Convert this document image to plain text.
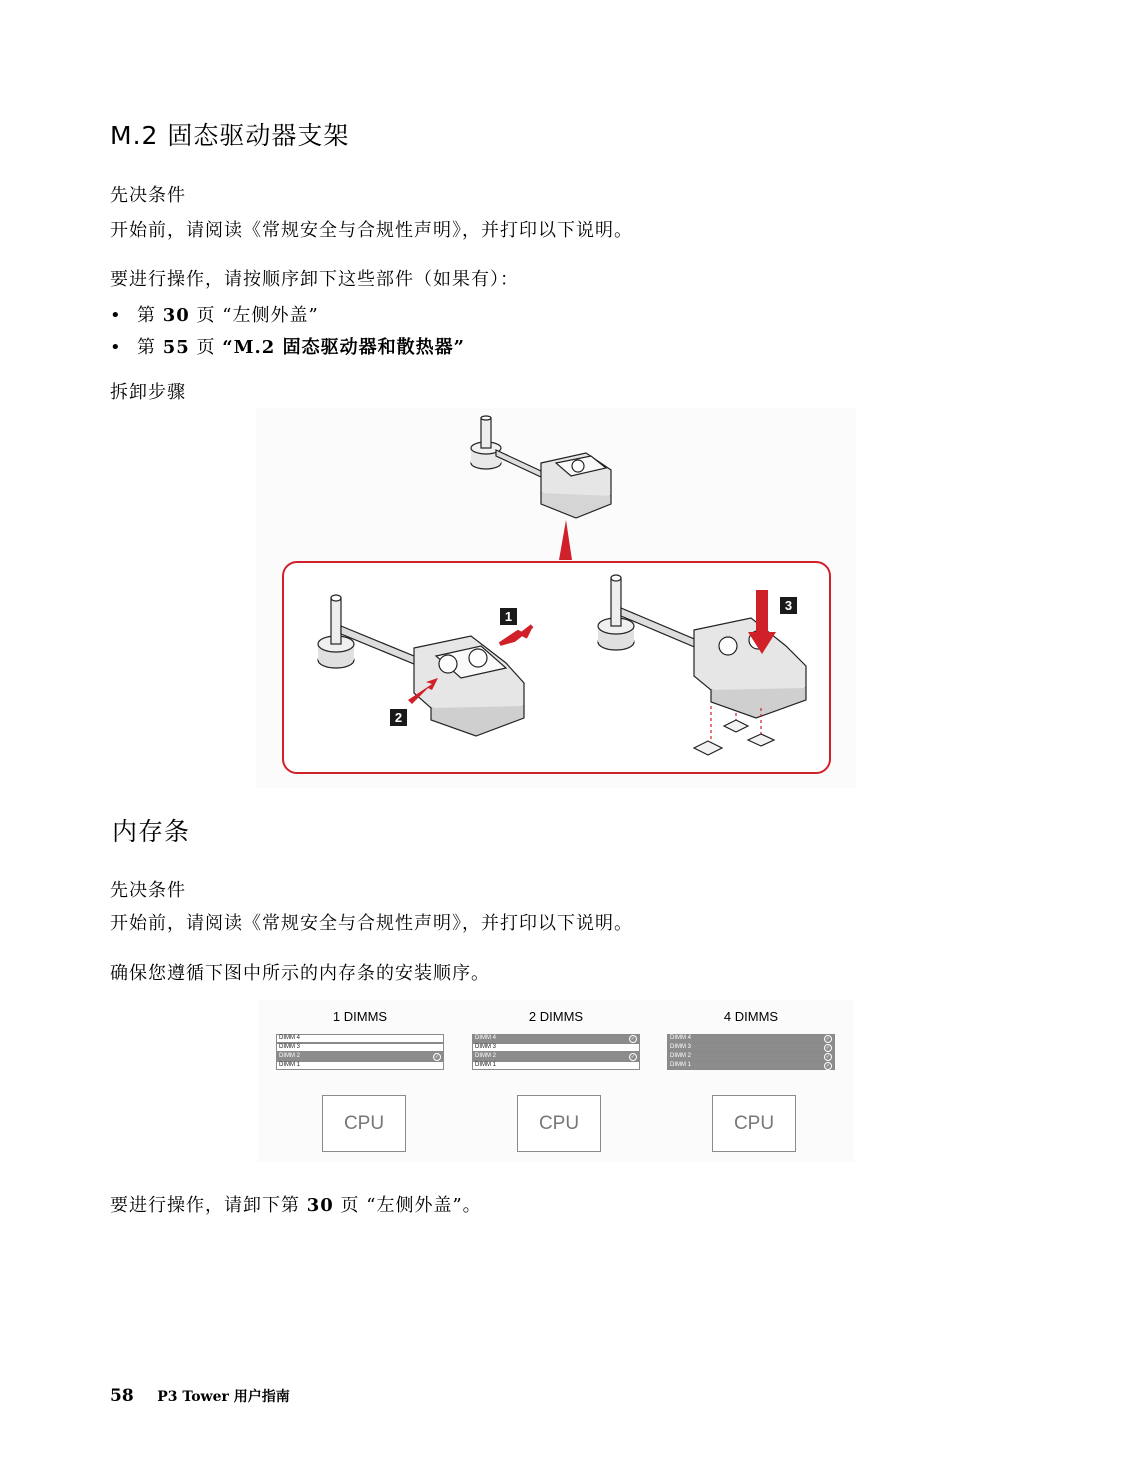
M.2 固态驱动器支架
先决条件
开始前，请阅读《常规安全与合规性声明》，并打印以下说明。
要进行操作，请按顺序卸下这些部件（如果有）：
• 第 30 页 “左侧外盖”
• 第 55 页 “M.2 固态驱动器和散热器”
拆卸步骤
1
2
3
内存条
先决条件
开始前，请阅读《常规安全与合规性声明》，并打印以下说明。
确保您遵循下图中所示的内存条的安装顺序。
1 DIMMS
DIMM 4
DIMM 3
DIMM 2	✓
DIMM 1
CPU
2 DIMMS
DIMM 4	✓
DIMM 3
DIMM 2	✓
DIMM 1
CPU
4 DIMMS
DIMM 4	✓
DIMM 3	✓
DIMM 2	✓
DIMM 1	✓
CPU
要进行操作，请卸下第 30 页 “左侧外盖”。
58 P3 Tower 用户指南
